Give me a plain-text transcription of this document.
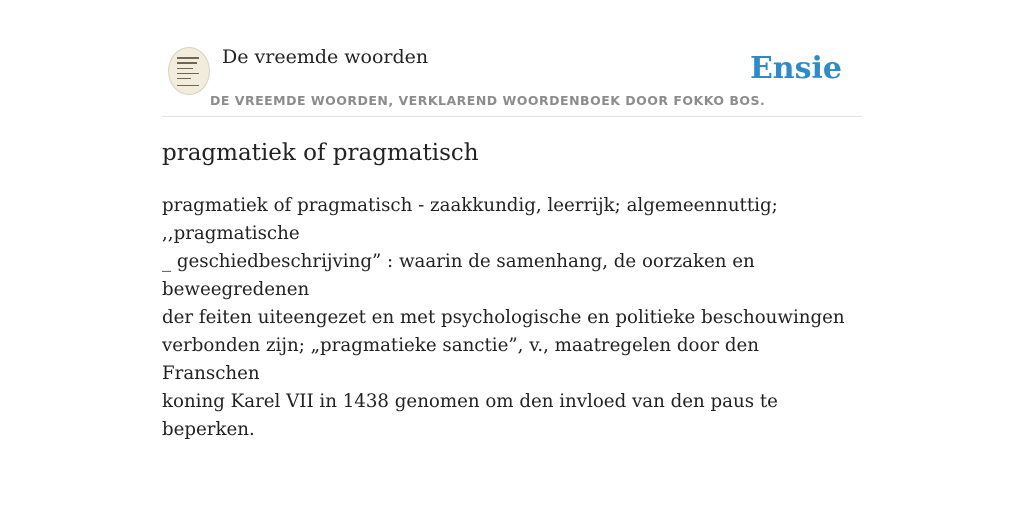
De vreemde woorden
DE VREEMDE WOORDEN, VERKLAREND WOORDENBOEK DOOR FOKKO BOS.
Ensie
pragmatiek of pragmatisch

pragmatiek of pragmatisch - zaakkundig, leerrijk; algemeennuttig; ,,pragmatische
_ geschiedbeschrijving” : waarin de samenhang, de oorzaken en beweegredenen
der feiten uiteengezet en met psychologische en politieke beschouwingen
verbonden zijn; „pragmatieke sanctie”, v., maatregelen door den Franschen
koning Karel VII in 1438 genomen om den invloed van den paus te beperken.
